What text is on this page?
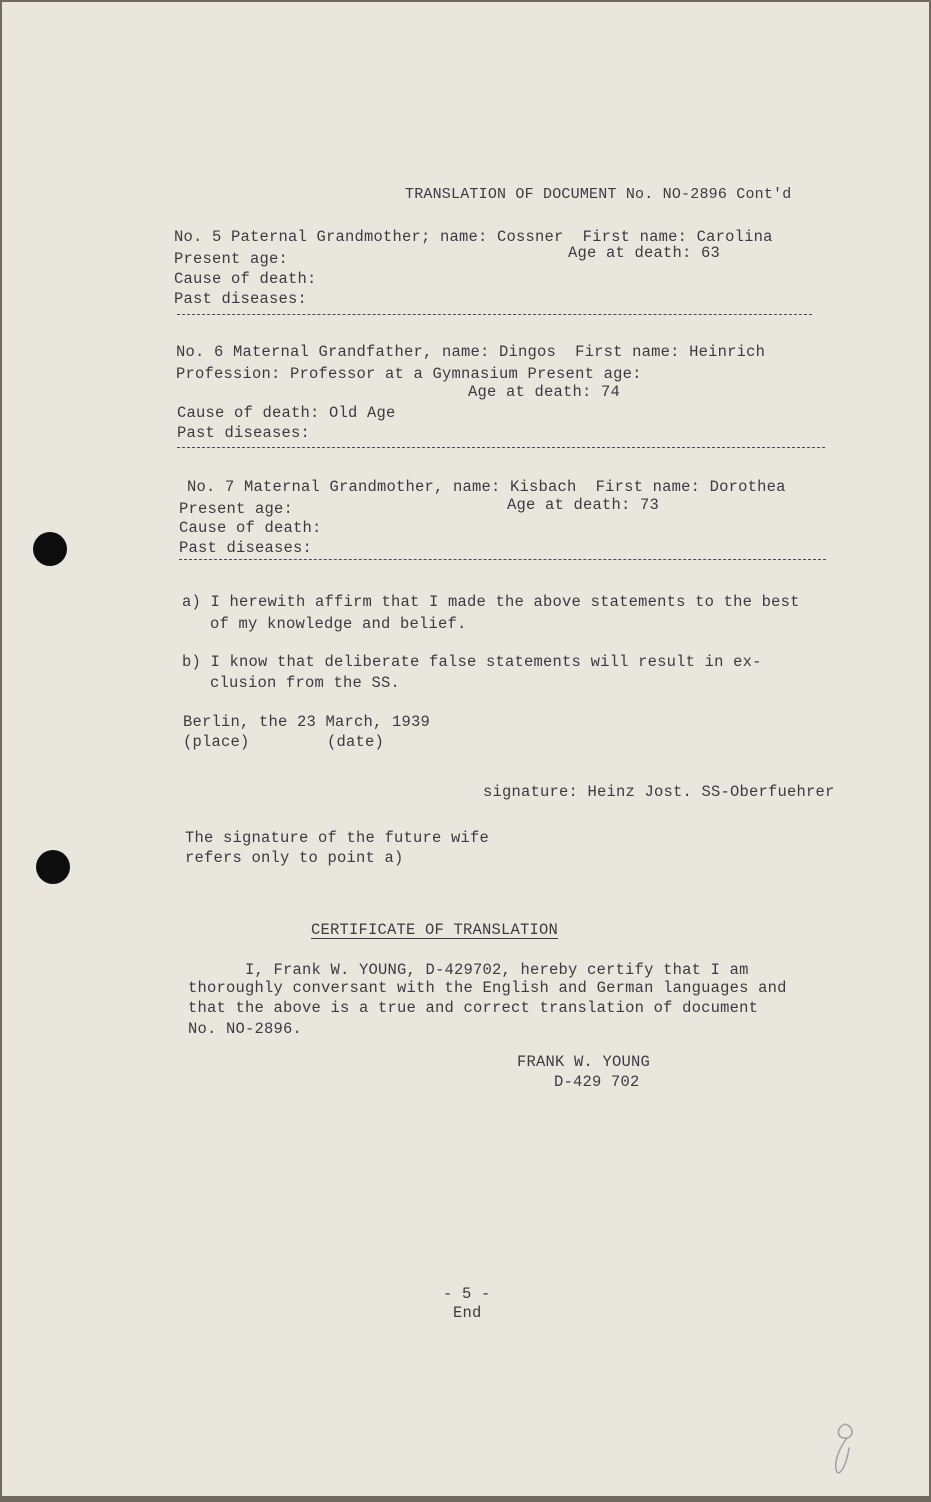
TRANSLATION OF DOCUMENT No. NO-2896 Cont'd
No. 5 Paternal Grandmother; name: Cossner  First name: Carolina
Present age:	Age at death: 63
Cause of death:
Past diseases:
No. 6 Maternal Grandfather, name: Dingos  First name: Heinrich
Profession: Professor at a Gymnasium Present age:
Age at death: 74
Cause of death: Old Age
Past diseases:
No. 7 Maternal Grandmother, name: Kisbach  First name: Dorothea
Present age:	Age at death: 73
Cause of death:
Past diseases:
a) I herewith affirm that I made the above statements to the best
of my knowledge and belief.
b) I know that deliberate false statements will result in ex-
clusion from the SS.
Berlin, the 23 March, 1939
(place)	(date)
signature: Heinz Jost. SS-Oberfuehrer
The signature of the future wife
refers only to point a)
CERTIFICATE OF TRANSLATION
I, Frank W. YOUNG, D-429702, hereby certify that I am
thoroughly conversant with the English and German languages and
that the above is a true and correct translation of document
No. NO-2896.
FRANK W. YOUNG
D-429 702
- 5 -
End
